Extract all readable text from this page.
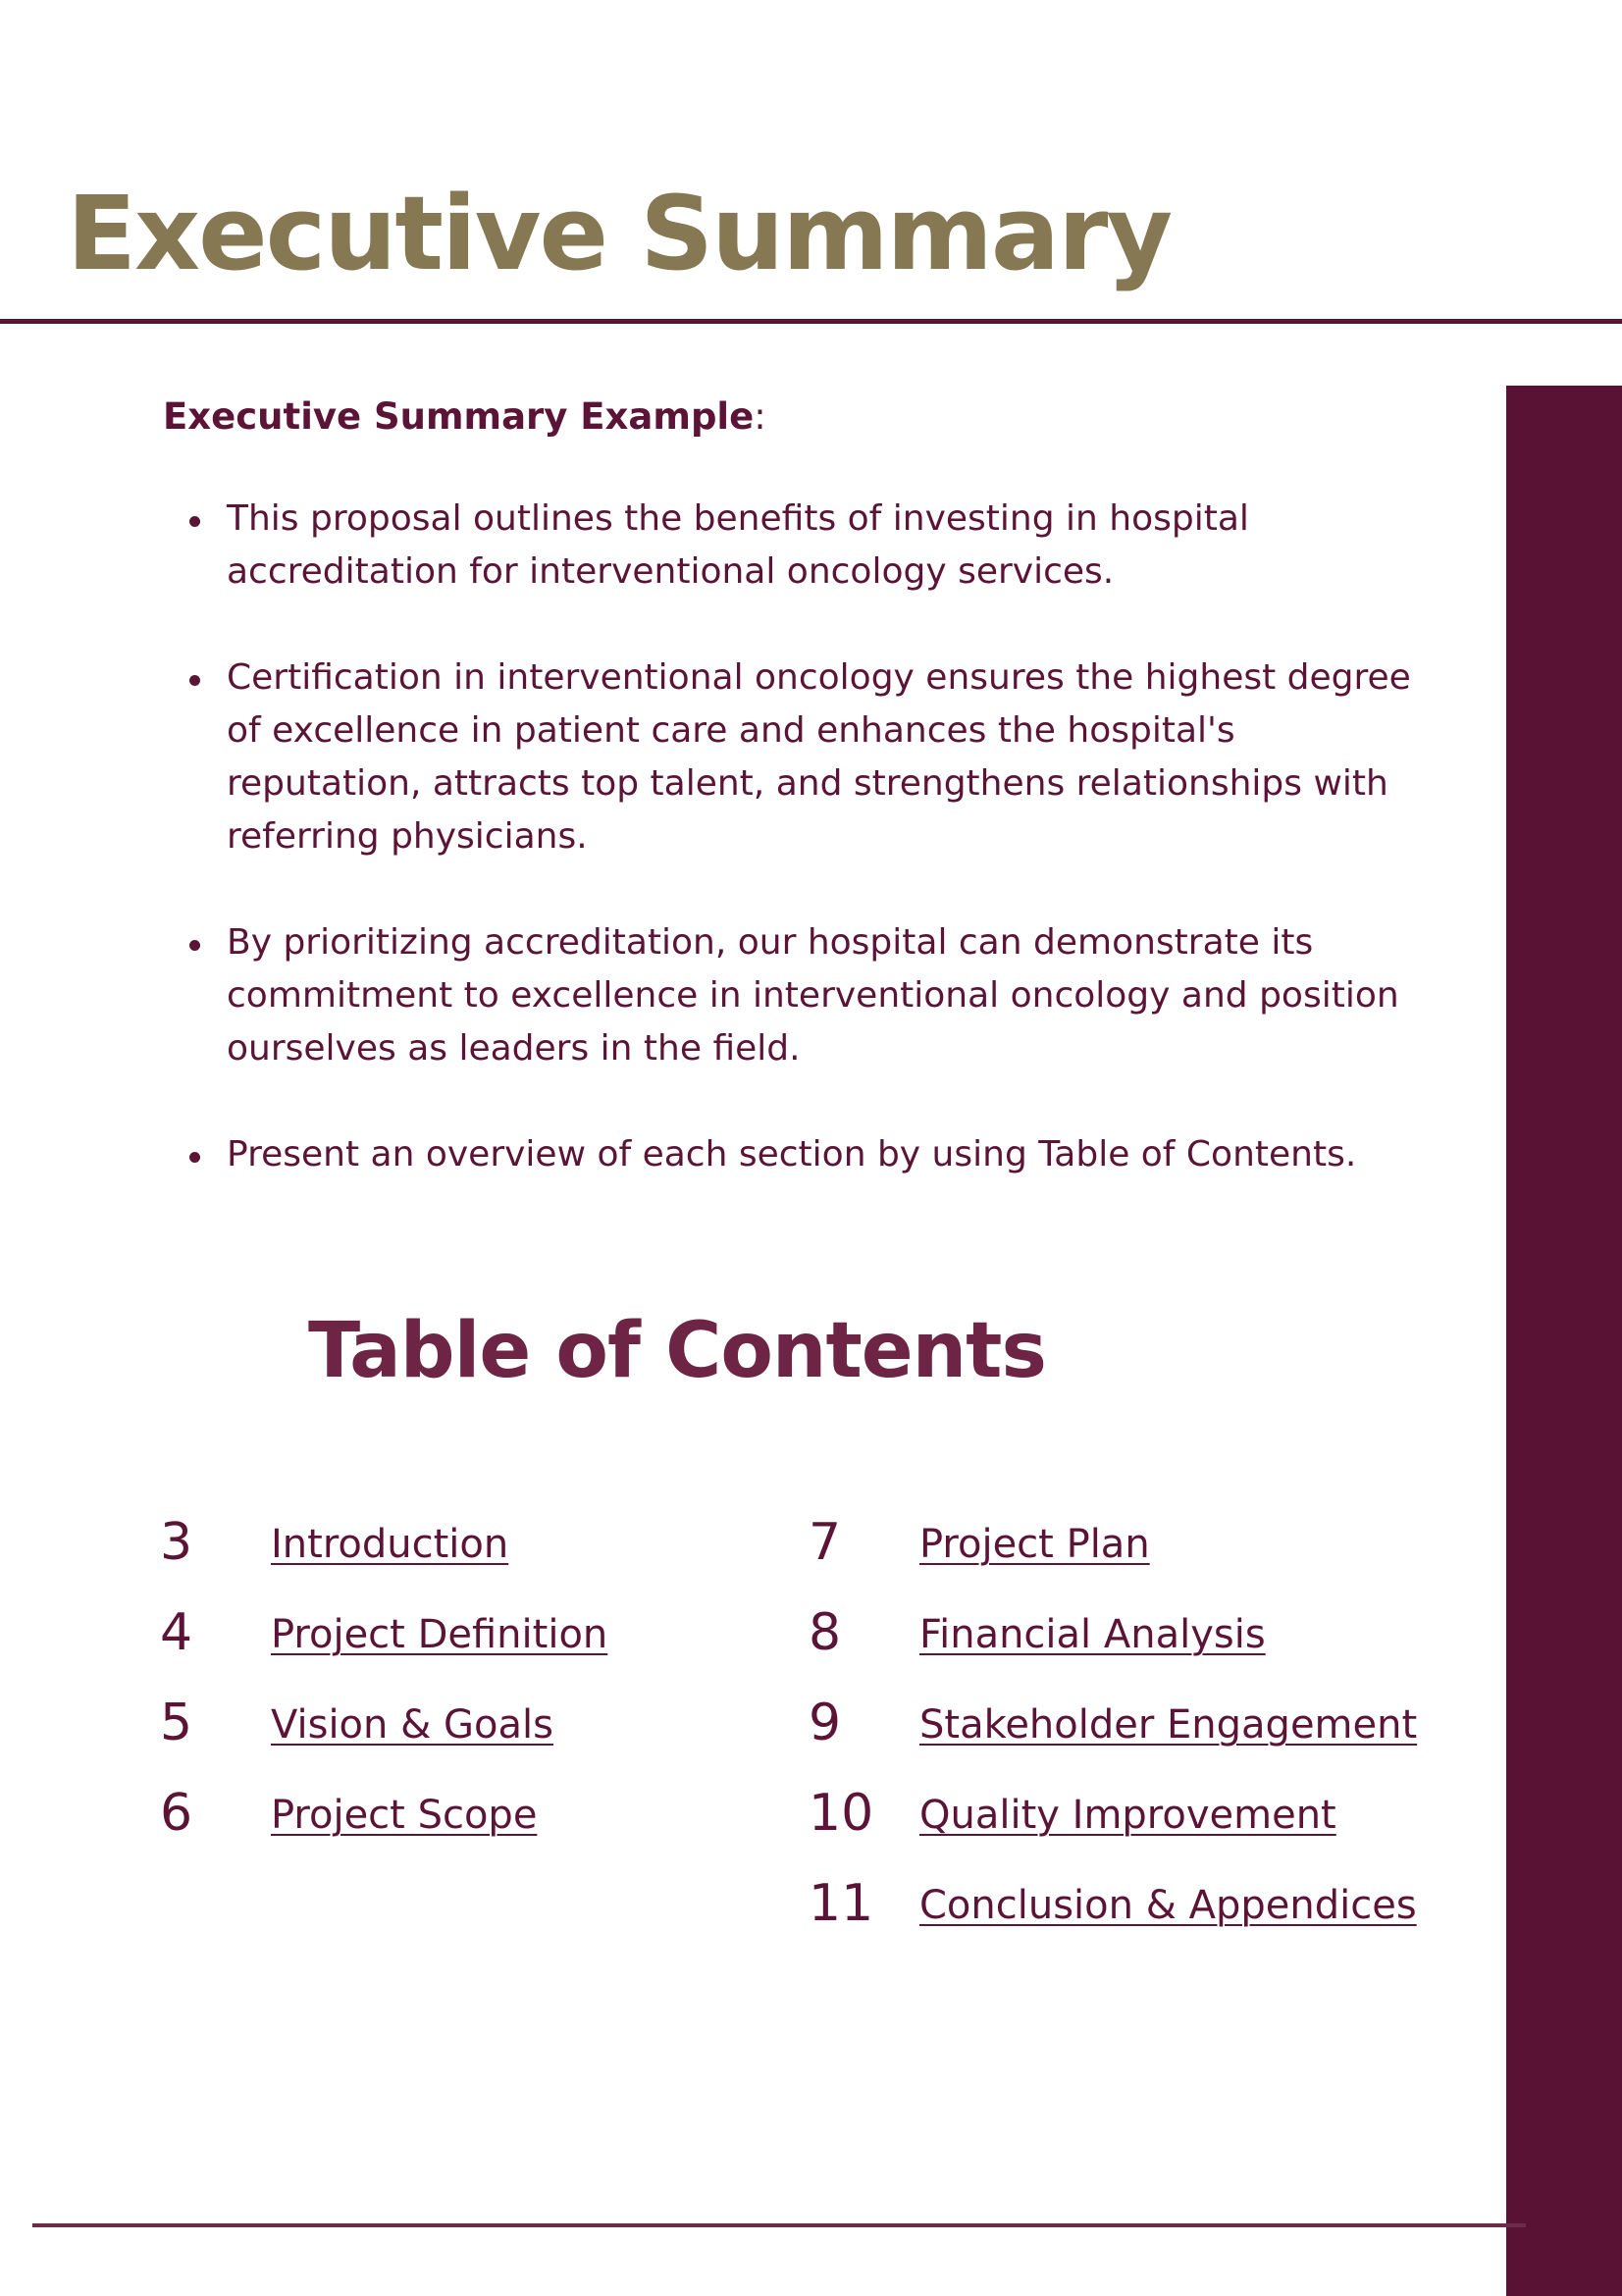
Executive Summary
Executive Summary Example:
This proposal outlines the benefits of investing in hospital accreditation for interventional oncology services.
Certification in interventional oncology ensures the highest degree of excellence in patient care and enhances the hospital's reputation, attracts top talent, and strengthens relationships with referring physicians.
By prioritizing accreditation, our hospital can demonstrate its commitment to excellence in interventional oncology and position ourselves as leaders in the field.
Present an overview of each section by using Table of Contents.
Table of Contents
3 Introduction
4 Project Definition
5 Vision & Goals
6 Project Scope
7 Project Plan
8 Financial Analysis
9 Stakeholder Engagement
10 Quality Improvement
11 Conclusion & Appendices
